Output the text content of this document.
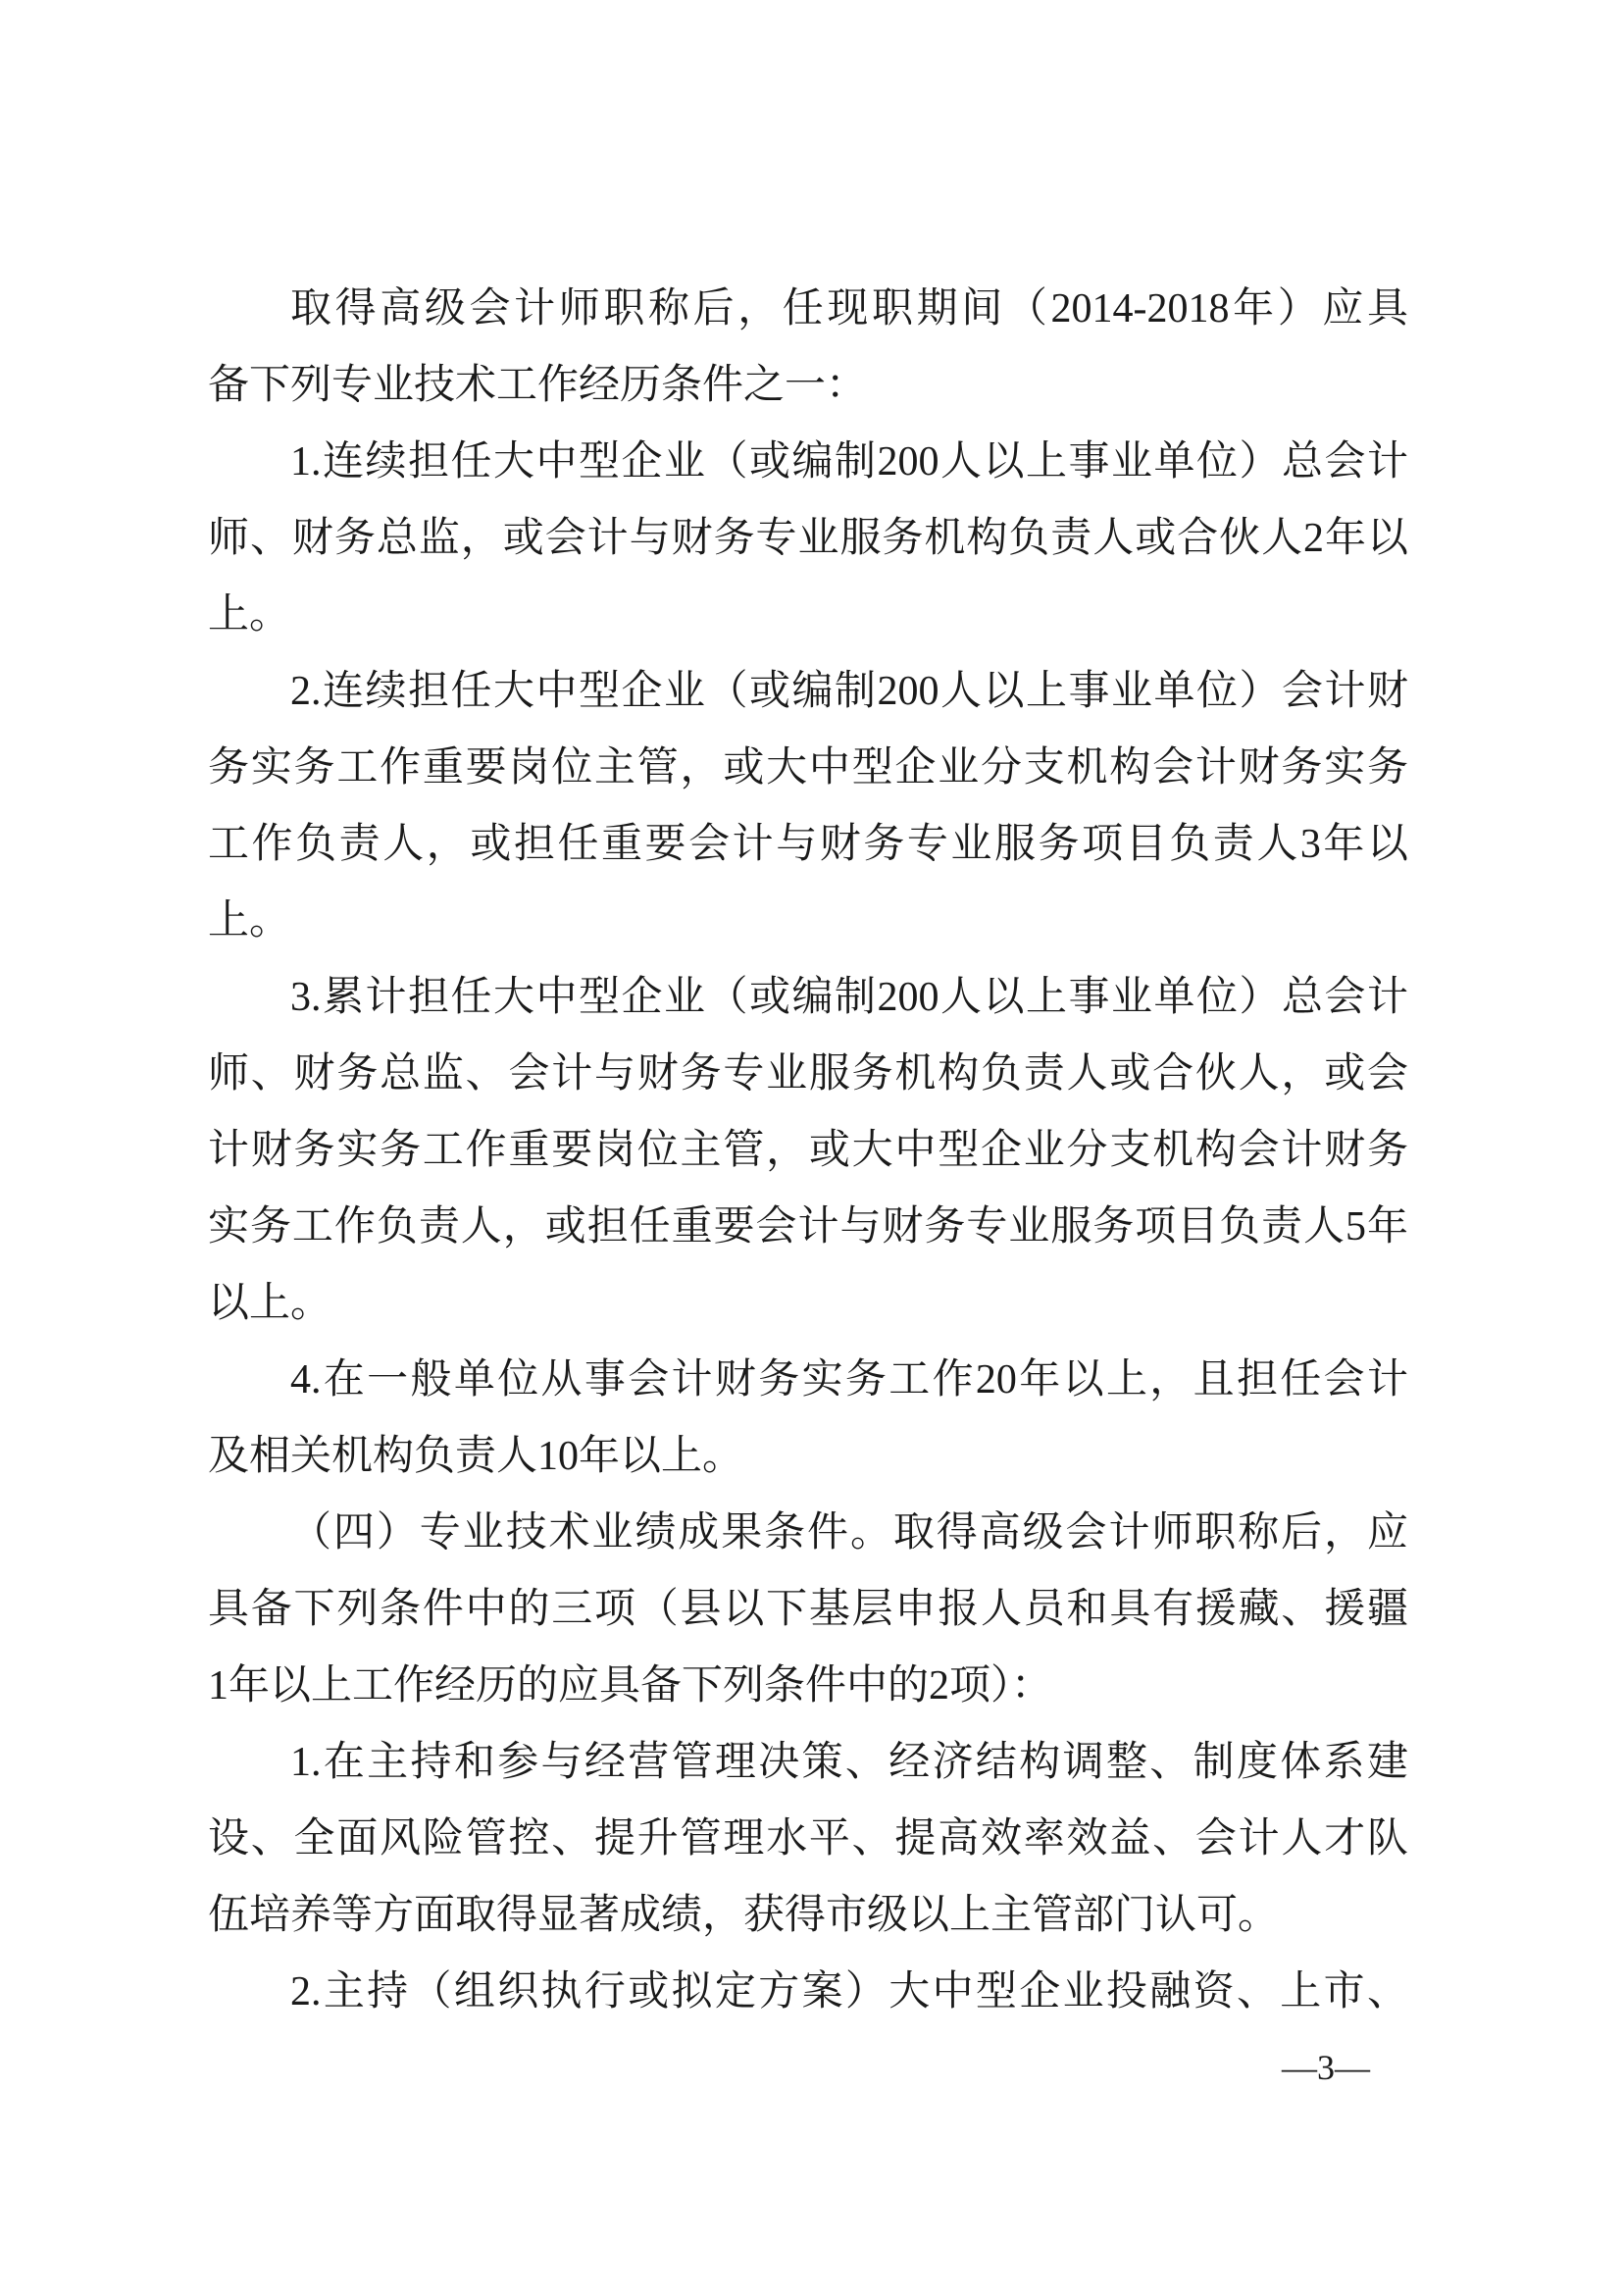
取得高级会计师职称后，任现职期间（2014-2018年）应具

备下列专业技术工作经历条件之一：

1.连续担任大中型企业（或编制200人以上事业单位）总会计

师、财务总监，或会计与财务专业服务机构负责人或合伙人2年以

上。

2.连续担任大中型企业（或编制200人以上事业单位）会计财

务实务工作重要岗位主管，或大中型企业分支机构会计财务实务

工作负责人，或担任重要会计与财务专业服务项目负责人3年以

上。

3.累计担任大中型企业（或编制200人以上事业单位）总会计

师、财务总监、会计与财务专业服务机构负责人或合伙人，或会

计财务实务工作重要岗位主管，或大中型企业分支机构会计财务

实务工作负责人，或担任重要会计与财务专业服务项目负责人5年

以上。

4.在一般单位从事会计财务实务工作20年以上，且担任会计

及相关机构负责人10年以上。

（四）专业技术业绩成果条件。取得高级会计师职称后，应

具备下列条件中的三项（县以下基层申报人员和具有援藏、援疆

1年以上工作经历的应具备下列条件中的2项）：

1.在主持和参与经营管理决策、经济结构调整、制度体系建

设、全面风险管控、提升管理水平、提高效率效益、会计人才队

伍培养等方面取得显著成绩，获得市级以上主管部门认可。

2.主持（组织执行或拟定方案）大中型企业投融资、上市、

—3—
